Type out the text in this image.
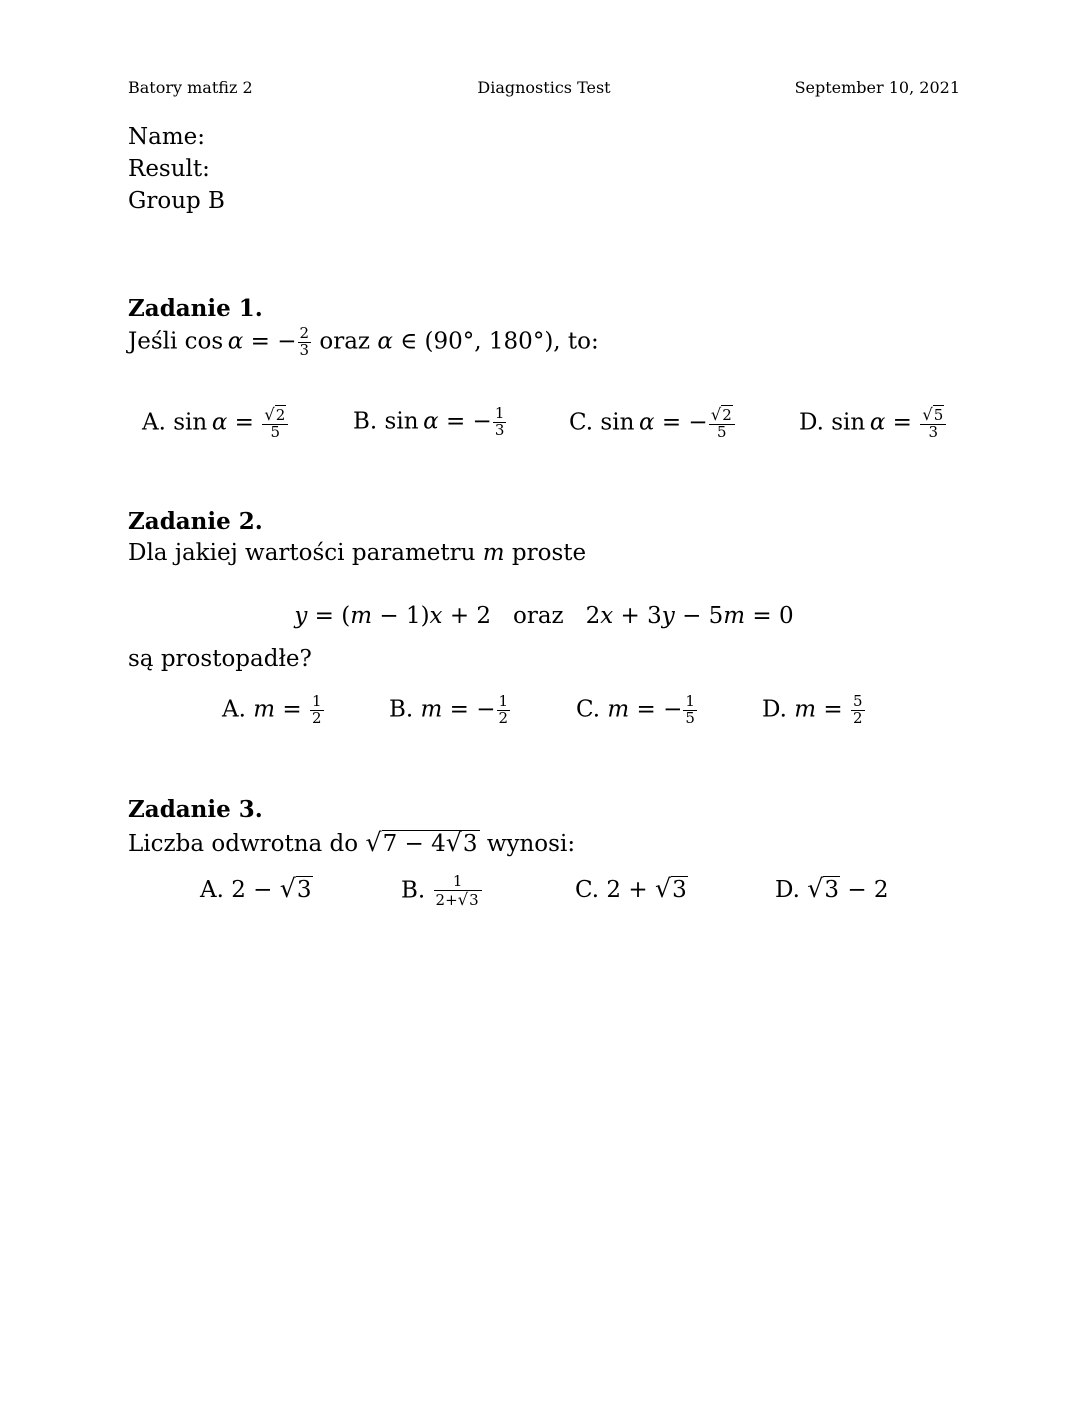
Batory matfiz 2	Diagnostics Test	September 10, 2021
Name:
Result:
Group B
Zadanie 1.
Jeśli cos α = − $\frac{2}{3}$ oraz α ∈ (90°, 180°), to:
A. $\sin \alpha = \frac{√2}{5}$	B. sin α = − $\frac{1}{3}$	C. sin α = − $\frac{√2}{5}$	D. $\sin \alpha = \frac{√5}{3}$
Zadanie 2.
Dla jakiej wartości parametru m proste
y = (m − 1)x + 2   oraz   2x + 3y − 5m = 0
są prostopadłe?
A. $m = \frac{1}{2}$	B. m = − $\frac{1}{2}$	C. m = − $\frac{1}{5}$	D. $m = \frac{5}{2}$
Zadanie 3.
Liczba odwrotna do √7 − 4√3 wynosi:
A. 2 − √3	B. $\frac{1}{2+√3}$	C. 2 + √3	D. √3 − 2
